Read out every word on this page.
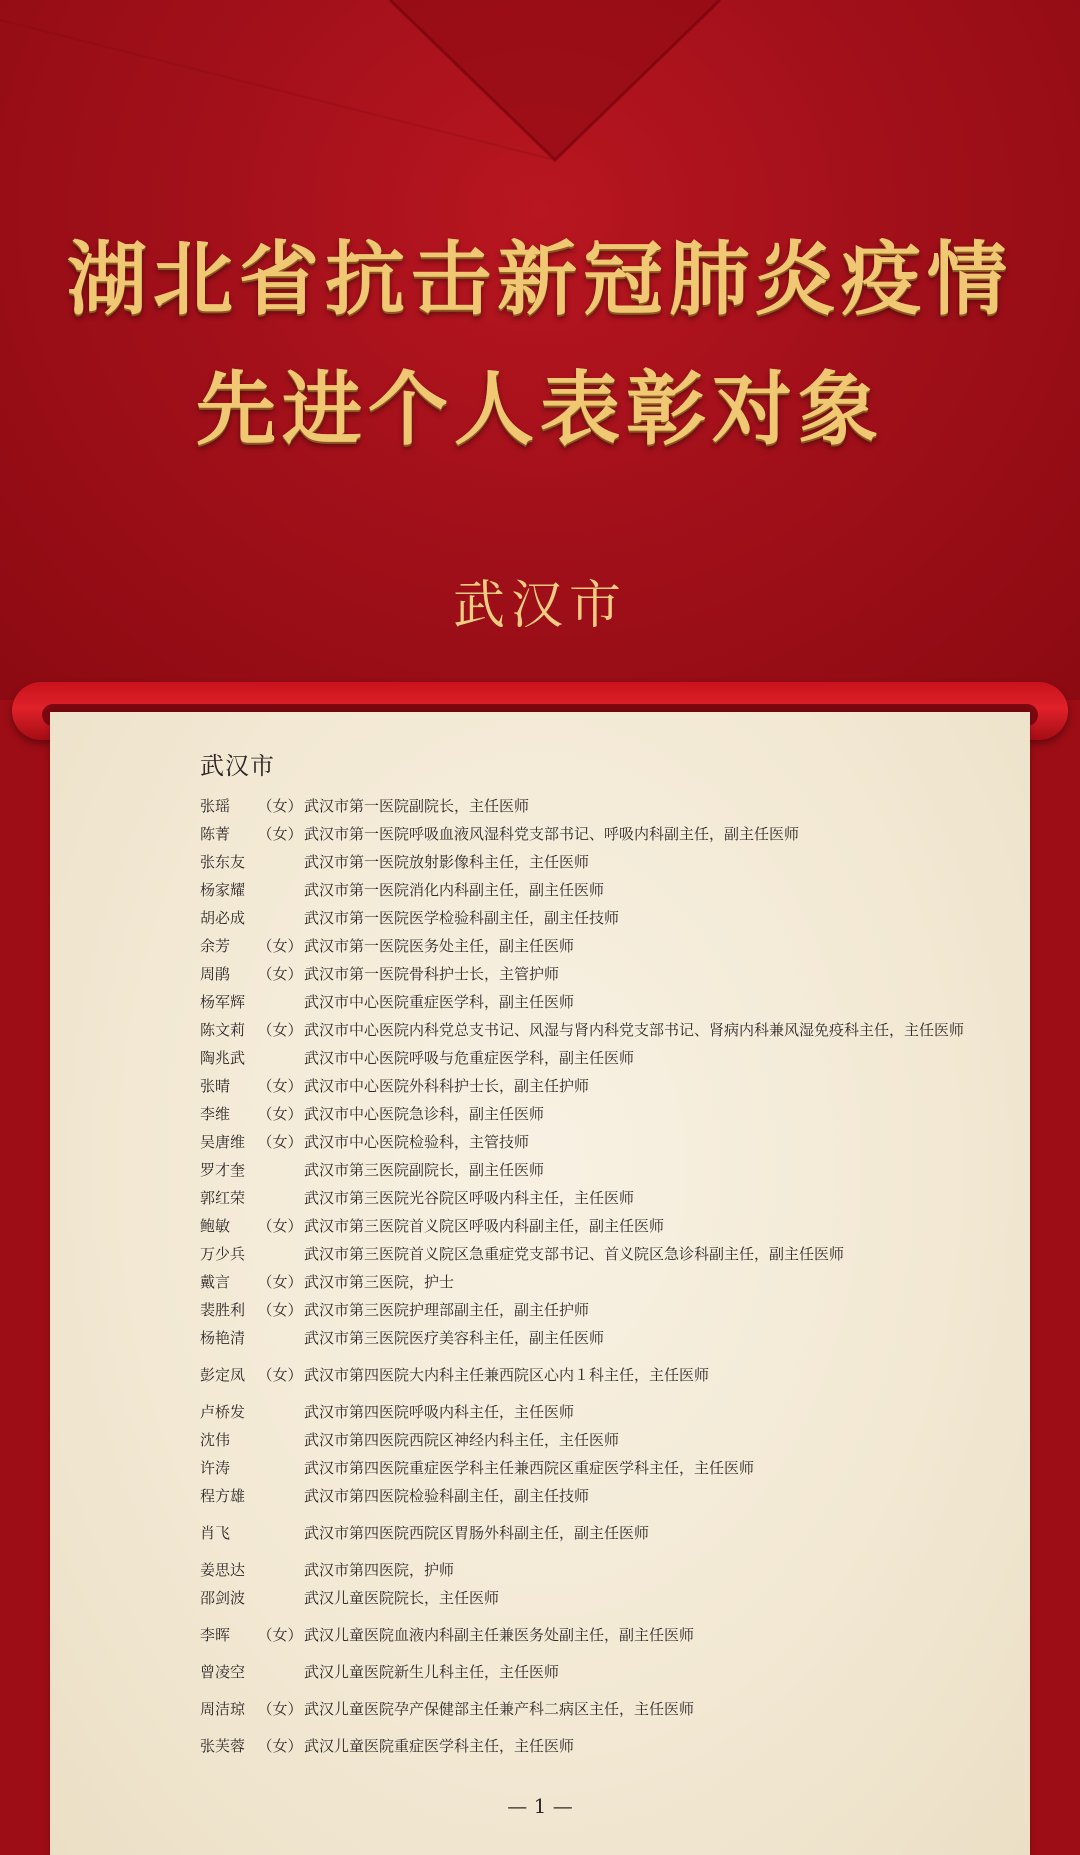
湖北省抗击新冠肺炎疫情
先进个人表彰对象
武汉市
武汉市
张瑶	（女） 武汉市第一医院副院长，主任医师
陈菁	（女） 武汉市第一医院呼吸血液风湿科党支部书记、呼吸内科副主任，副主任医师
张东友	武汉市第一医院放射影像科主任，主任医师
杨家耀	武汉市第一医院消化内科副主任，副主任医师
胡必成	武汉市第一医院医学检验科副主任，副主任技师
余芳	（女） 武汉市第一医院医务处主任，副主任医师
周鹃	（女） 武汉市第一医院骨科护士长，主管护师
杨军辉	武汉市中心医院重症医学科，副主任医师
陈文莉 （女） 武汉市中心医院内科党总支书记、风湿与肾内科党支部书记、肾病内科兼风湿免疫科主任，主任医师
陶兆武	武汉市中心医院呼吸与危重症医学科，副主任医师
张晴	（女） 武汉市中心医院外科科护士长，副主任护师
李维	（女） 武汉市中心医院急诊科，副主任医师
吴唐维 （女） 武汉市中心医院检验科，主管技师
罗才奎	武汉市第三医院副院长，副主任医师
郭红荣	武汉市第三医院光谷院区呼吸内科主任，主任医师
鲍敏	（女） 武汉市第三医院首义院区呼吸内科副主任，副主任医师
万少兵	武汉市第三医院首义院区急重症党支部书记、首义院区急诊科副主任，副主任医师
戴言	（女） 武汉市第三医院，护士
裴胜利 （女） 武汉市第三医院护理部副主任，副主任护师
杨艳清	武汉市第三医院医疗美容科主任，副主任医师
彭定凤 （女） 武汉市第四医院大内科主任兼西院区心内１科主任，主任医师
卢桥发	武汉市第四医院呼吸内科主任，主任医师
沈伟	武汉市第四医院西院区神经内科主任，主任医师
许涛	武汉市第四医院重症医学科主任兼西院区重症医学科主任，主任医师
程方雄	武汉市第四医院检验科副主任，副主任技师
肖飞	武汉市第四医院西院区胃肠外科副主任，副主任医师
姜思达	武汉市第四医院，护师
邵剑波	武汉儿童医院院长，主任医师
李晖	（女） 武汉儿童医院血液内科副主任兼医务处副主任，副主任医师
曾凌空	武汉儿童医院新生儿科主任，主任医师
周洁琼 （女） 武汉儿童医院孕产保健部主任兼产科二病区主任，主任医师
张芙蓉 （女） 武汉儿童医院重症医学科主任，主任医师
— 1 —
